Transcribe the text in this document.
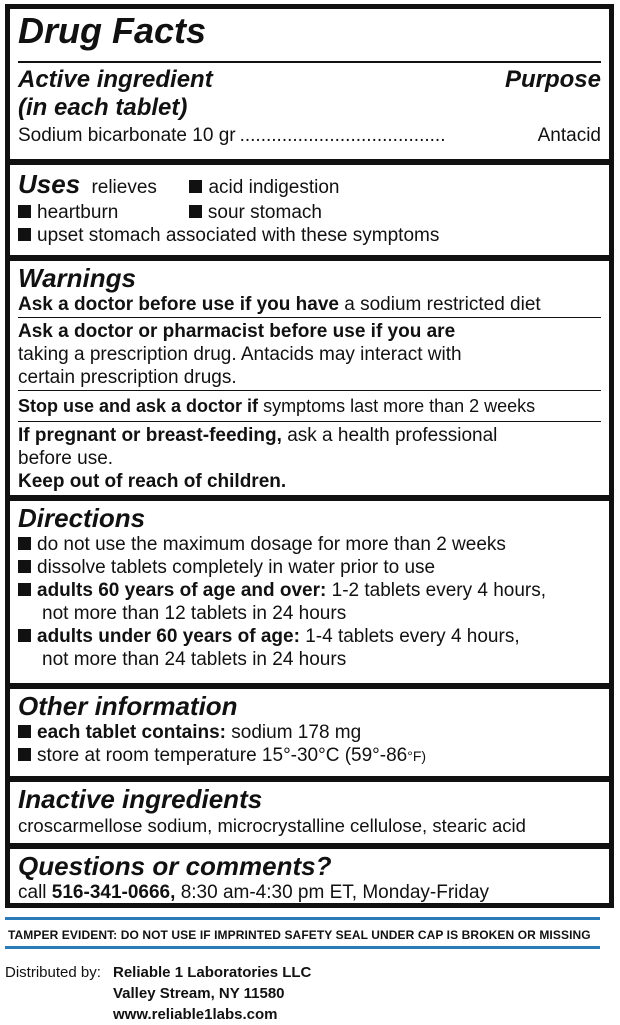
Drug Facts

Active ingredient	Purpose

(in each tablet)

Sodium bicarbonate 10 gr .......................................	Antacid

Uses relieves	acid indigestion

heartburn	sour stomach

upset stomach associated with these symptoms

Warnings

Ask a doctor before use if you have a sodium restricted diet

Ask a doctor or pharmacist before use if you are

taking a prescription drug. Antacids may interact with

certain prescription drugs.

Stop use and ask a doctor if symptoms last more than 2 weeks

If pregnant or breast-feeding, ask a health professional

before use.

Keep out of reach of children.

Directions

do not use the maximum dosage for more than 2 weeks

dissolve tablets completely in water prior to use

adults 60 years of age and over: 1-2 tablets every 4 hours,

not more than 12 tablets in 24 hours

adults under 60 years of age: 1-4 tablets every 4 hours,

not more than 24 tablets in 24 hours

Other information

each tablet contains: sodium 178 mg

store at room temperature 15°-30°C (59°-86°F)

Inactive ingredients

croscarmellose sodium, microcrystalline cellulose, stearic acid

Questions or comments?

call 516-341-0666, 8:30 am-4:30 pm ET, Monday-Friday

TAMPER EVIDENT: DO NOT USE IF IMPRINTED SAFETY SEAL UNDER CAP IS BROKEN OR MISSING
Distributed by: Reliable 1 Laboratories LLC
Valley Stream, NY 11580
www.reliable1labs.com
